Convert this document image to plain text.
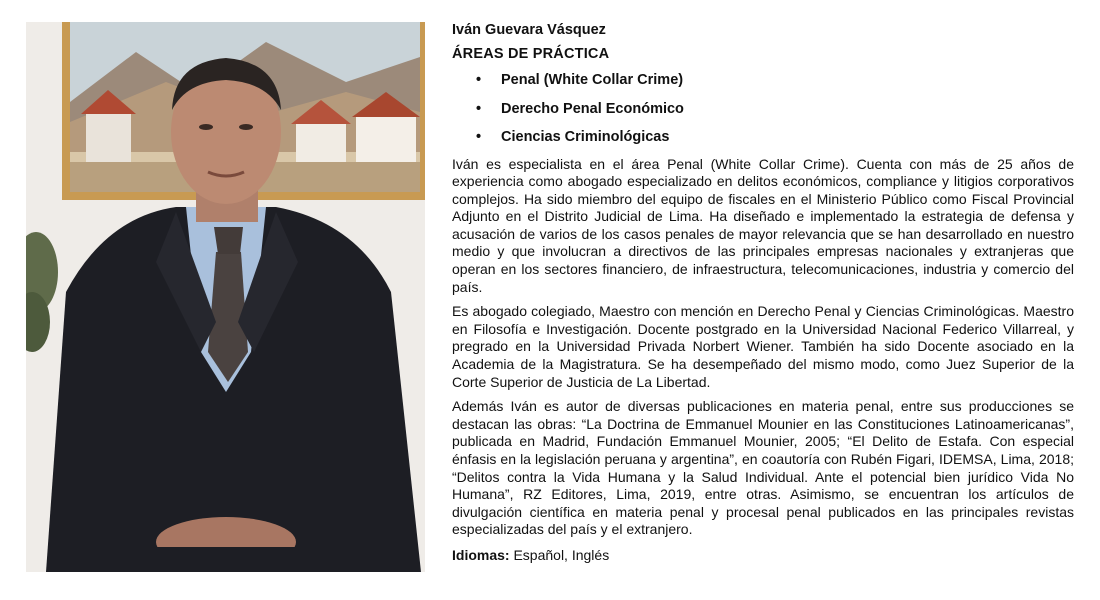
Iván Guevara Vásquez
ÁREAS DE PRÁCTICA
• Penal (White Collar Crime)
• Derecho Penal Económico
• Ciencias Criminológicas

Iván es especialista en el área Penal (White Collar Crime). Cuenta con más de 25 años de experiencia como abogado especializado en delitos económicos, compliance y litigios corporativos complejos. Ha sido miembro del equipo de fiscales en el Ministerio Público como Fiscal Provincial Adjunto en el Distrito Judicial de Lima. Ha diseñado e implementado la estrategia de defensa y acusación de varios de los casos penales de mayor relevancia que se han desarrollado en nuestro medio y que involucran a directivos de las principales empresas nacionales y extranjeras que operan en los sectores financiero, de infraestructura, telecomunicaciones, industria y comercio del país.

Es abogado colegiado, Maestro con mención en Derecho Penal y Ciencias Criminológicas. Maestro en Filosofía e Investigación. Docente postgrado en la Universidad Nacional Federico Villarreal, y pregrado en la Universidad Privada Norbert Wiener. También ha sido Docente asociado en la Academia de la Magistratura. Se ha desempeñado del mismo modo, como Juez Superior de la Corte Superior de Justicia de La Libertad.

Además Iván es autor de diversas publicaciones en materia penal, entre sus producciones se destacan las obras: “La Doctrina de Emmanuel Mounier en las Constituciones Latinoamericanas”, publicada en Madrid, Fundación Emmanuel Mounier, 2005; “El Delito de Estafa. Con especial énfasis en la legislación peruana y argentina”, en coautoría con Rubén Figari, IDEMSA, Lima, 2018; “Delitos contra la Vida Humana y la Salud Individual. Ante el potencial bien jurídico Vida No Humana”, RZ Editores, Lima, 2019, entre otras. Asimismo, se encuentran los artículos de divulgación científica en materia penal y procesal penal publicados en las principales revistas especializadas del país y el extranjero.

Idiomas: Español, Inglés
